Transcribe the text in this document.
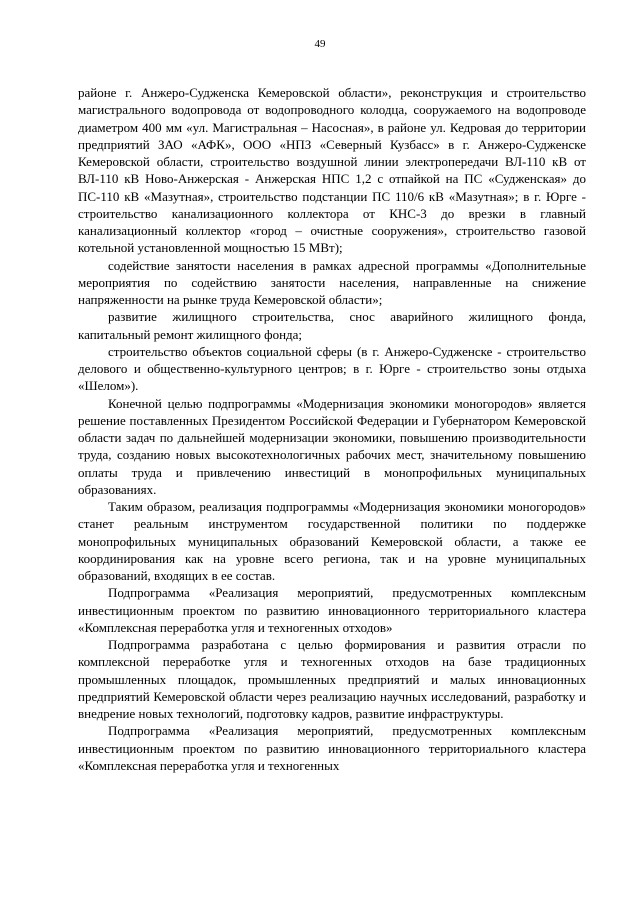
49

районе г. Анжеро-Судженска Кемеровской области», реконструкция и строительство магистрального водопровода от водопроводного колодца, сооружаемого на водопроводе диаметром 400 мм «ул. Магистральная – Насосная», в районе ул. Кедровая до территории предприятий ЗАО «АФК», ООО «НПЗ «Северный Кузбасс» в г. Анжеро-Судженске Кемеровской области, строительство воздушной линии электропередачи ВЛ-110 кВ от ВЛ-110 кВ Ново-Анжерская - Анжерская НПС 1,2 с отпайкой на ПС «Судженская» до ПС-110 кВ «Мазутная», строительство подстанции ПС 110/6 кВ «Мазутная»; в г. Юрге - строительство канализационного коллектора от КНС-3 до врезки в главный канализационный коллектор «город – очистные сооружения», строительство газовой котельной установленной мощностью 15 МВт);

содействие занятости населения в рамках адресной программы «Дополнительные мероприятия по содействию занятости населения, направленные на снижение напряженности на рынке труда Кемеровской области»;

развитие жилищного строительства, снос аварийного жилищного фонда, капитальный ремонт жилищного фонда;

строительство объектов социальной сферы (в г. Анжеро-Судженске - строительство делового и общественно-культурного центров; в г. Юрге - строительство зоны отдыха «Шелом»).

Конечной целью подпрограммы «Модернизация экономики моногородов» является решение поставленных Президентом Российской Федерации и Губернатором Кемеровской области задач по дальнейшей модернизации экономики, повышению производительности труда, созданию новых высокотехнологичных рабочих мест, значительному повышению оплаты труда и привлечению инвестиций в монопрофильных муниципальных образованиях.

Таким образом, реализация подпрограммы «Модернизация экономики моногородов» станет реальным инструментом государственной политики по поддержке монопрофильных муниципальных образований Кемеровской области, а также ее координирования как на уровне всего региона, так и на уровне муниципальных образований, входящих в ее состав.

Подпрограмма «Реализация мероприятий, предусмотренных комплексным инвестиционным проектом по развитию инновационного территориального кластера «Комплексная переработка угля и техногенных отходов»

Подпрограмма разработана с целью формирования и развития отрасли по комплексной переработке угля и техногенных отходов на базе традиционных промышленных площадок, промышленных предприятий и малых инновационных предприятий Кемеровской области через реализацию научных исследований, разработку и внедрение новых технологий, подготовку кадров, развитие инфраструктуры.

Подпрограмма «Реализация мероприятий, предусмотренных комплексным инвестиционным проектом по развитию инновационного территориального кластера «Комплексная переработка угля и техногенных
